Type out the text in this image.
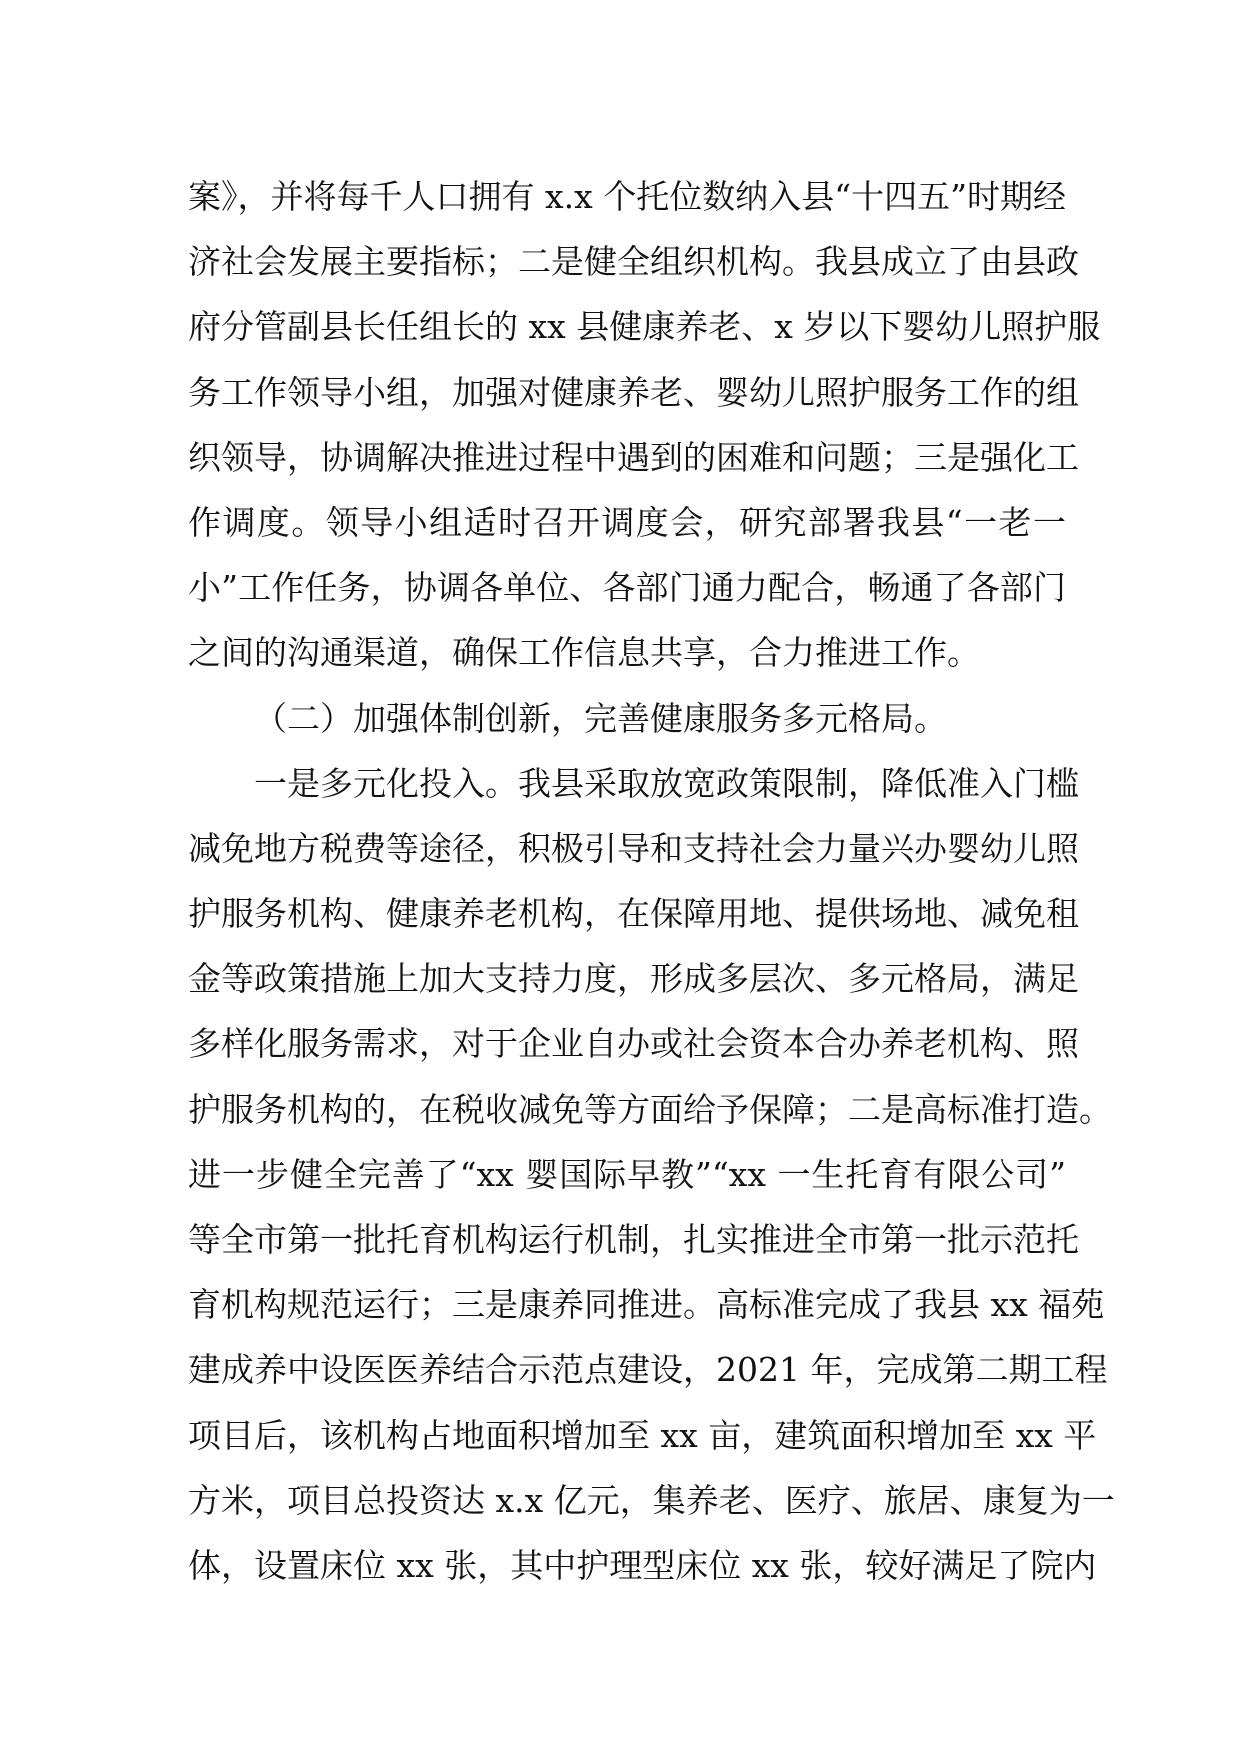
案》，并将每千人口拥有 x.x 个托位数纳入县“十四五”时期经
济社会发展主要指标；二是健全组织机构。我县成立了由县政
府分管副县长任组长的 xx 县健康养老、x 岁以下婴幼儿照护服
务工作领导小组，加强对健康养老、婴幼儿照护服务工作的组
织领导，协调解决推进过程中遇到的困难和问题；三是强化工
作调度。领导小组适时召开调度会，研究部署我县“一老一
小”工作任务，协调各单位、各部门通力配合，畅通了各部门
之间的沟通渠道，确保工作信息共享，合力推进工作。
（二）加强体制创新，完善健康服务多元格局。
一是多元化投入。我县采取放宽政策限制，降低准入门槛
减免地方税费等途径，积极引导和支持社会力量兴办婴幼儿照
护服务机构、健康养老机构，在保障用地、提供场地、减免租
金等政策措施上加大支持力度，形成多层次、多元格局，满足
多样化服务需求，对于企业自办或社会资本合办养老机构、照
护服务机构的，在税收减免等方面给予保障；二是高标准打造。
进一步健全完善了“xx 婴国际早教”“xx 一生托育有限公司”
等全市第一批托育机构运行机制，扎实推进全市第一批示范托
育机构规范运行；三是康养同推进。高标准完成了我县 xx 福苑
建成养中设医医养结合示范点建设，2021 年，完成第二期工程
项目后，该机构占地面积增加至 xx 亩，建筑面积增加至 xx 平
方米，项目总投资达 x.x 亿元，集养老、医疗、旅居、康复为一
体，设置床位 xx 张，其中护理型床位 xx 张，较好满足了院内
